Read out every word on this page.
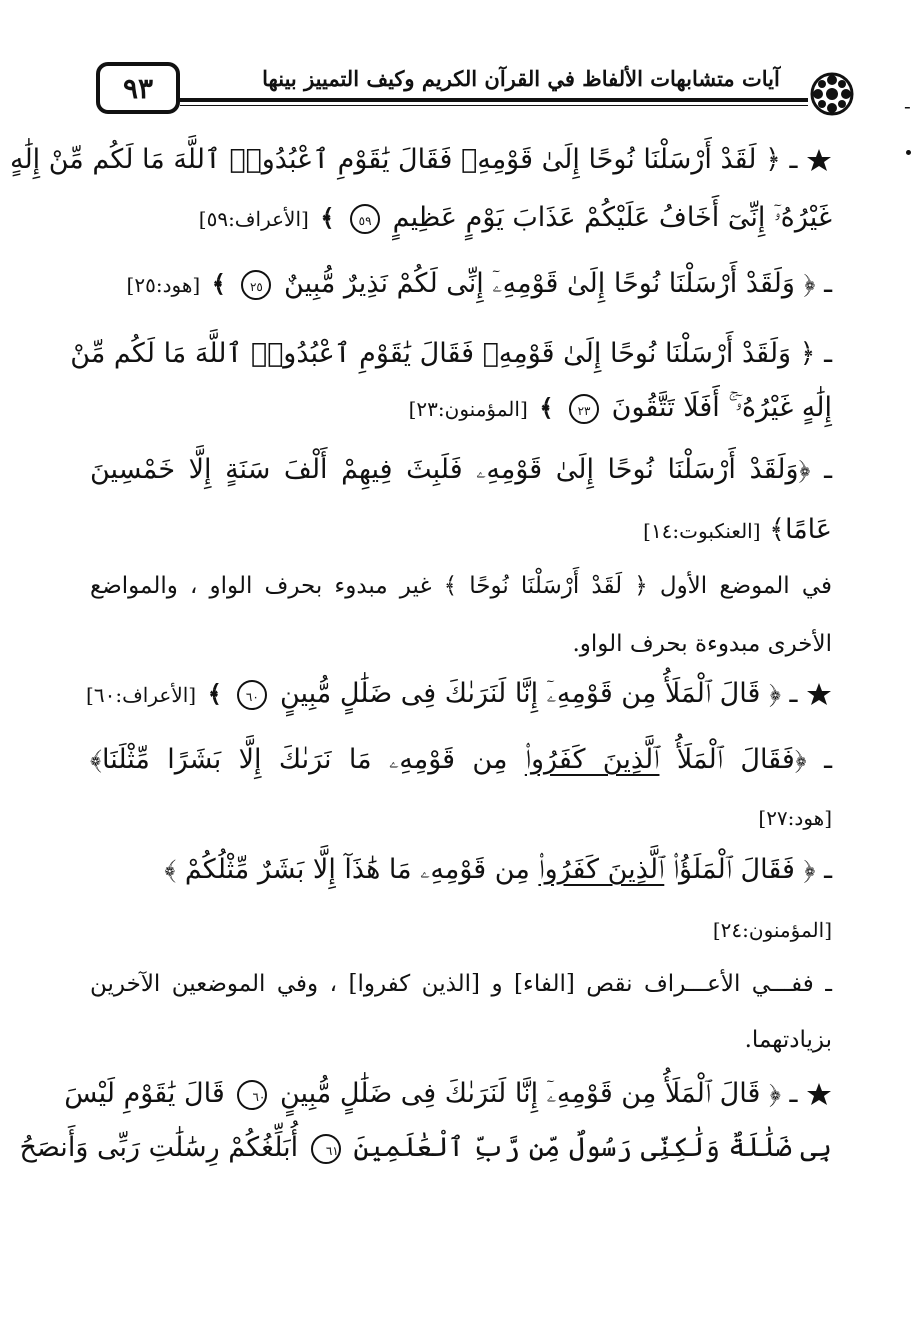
٩٣	آيات متشابهات الألفاظ في القرآن الكريم وكيف التمييز بينها
-
ـ ﴿ لَقَدْ أَرْسَلْنَا نُوحًا إِلَىٰ قَوْمِهِۦ فَقَالَ يَٰقَوْمِ ٱعْبُدُوا۟ ٱللَّهَ مَا لَكُم مِّنْ إِلَٰهٍ
غَيْرُهُۥٓ إِنِّىٓ أَخَافُ عَلَيْكُمْ عَذَابَ يَوْمٍ عَظِيمٍ ٥٩ ﴾ [الأعراف:٥٩]
ـ ﴿ وَلَقَدْ أَرْسَلْنَا نُوحًا إِلَىٰ قَوْمِهِۦٓ إِنِّى لَكُمْ نَذِيرٌ مُّبِينٌ ٢٥ ﴾ [هود:٢٥]
ـ ﴿ وَلَقَدْ أَرْسَلْنَا نُوحًا إِلَىٰ قَوْمِهِۦ فَقَالَ يَٰقَوْمِ ٱعْبُدُوا۟ ٱللَّهَ مَا لَكُم مِّنْ
إِلَٰهٍ غَيْرُهُۥٓ ۚ أَفَلَا تَتَّقُونَ ٢٣ ﴾ [المؤمنون:٢٣]
ـ ﴿وَلَقَدْ أَرْسَلْنَا نُوحًا إِلَىٰ قَوْمِهِۦ فَلَبِثَ فِيهِمْ أَلْفَ سَنَةٍ إِلَّا خَمْسِينَ
عَامًا﴾ [العنكبوت:١٤]
في الموضع الأول ﴿ لَقَدْ أَرْسَلْنَا نُوحًا ﴾ غير مبدوء بحرف الواو ، والمواضع
الأخرى مبدوءة بحرف الواو.
ـ ﴿ قَالَ ٱلْمَلَأُ مِن قَوْمِهِۦٓ إِنَّا لَنَرَىٰكَ فِى ضَلَٰلٍ مُّبِينٍ ٦٠ ﴾ [الأعراف:٦٠]
ـ ﴿فَقَالَ ٱلْمَلَأُ ٱلَّذِينَ كَفَرُوا۟ مِن قَوْمِهِۦ مَا نَرَىٰكَ إِلَّا بَشَرًا مِّثْلَنَا﴾
[هود:٢٧]
ـ ﴿ فَقَالَ ٱلْمَلَؤُا۟ ٱلَّذِينَ كَفَرُوا۟ مِن قَوْمِهِۦ مَا هَٰذَآ إِلَّا بَشَرٌ مِّثْلُكُمْ ﴾
[المؤمنون:٢٤]
ـ ففـــي الأعـــراف نقص [الفاء] و [الذين كفروا] ، وفي الموضعين الآخرين
بزيادتهما.
ـ ﴿ قَالَ ٱلْمَلَأُ مِن قَوْمِهِۦٓ إِنَّا لَنَرَىٰكَ فِى ضَلَٰلٍ مُّبِينٍ ٦٠ قَالَ يَٰقَوْمِ لَيْسَ
بِى ضَلَٰلَةٌ وَلَٰكِنِّى رَسُولٌ مِّن رَّبِّ ٱلْعَٰلَمِينَ ٦١ أُبَلِّغُكُمْ رِسَٰلَٰتِ رَبِّى وَأَنصَحُ
